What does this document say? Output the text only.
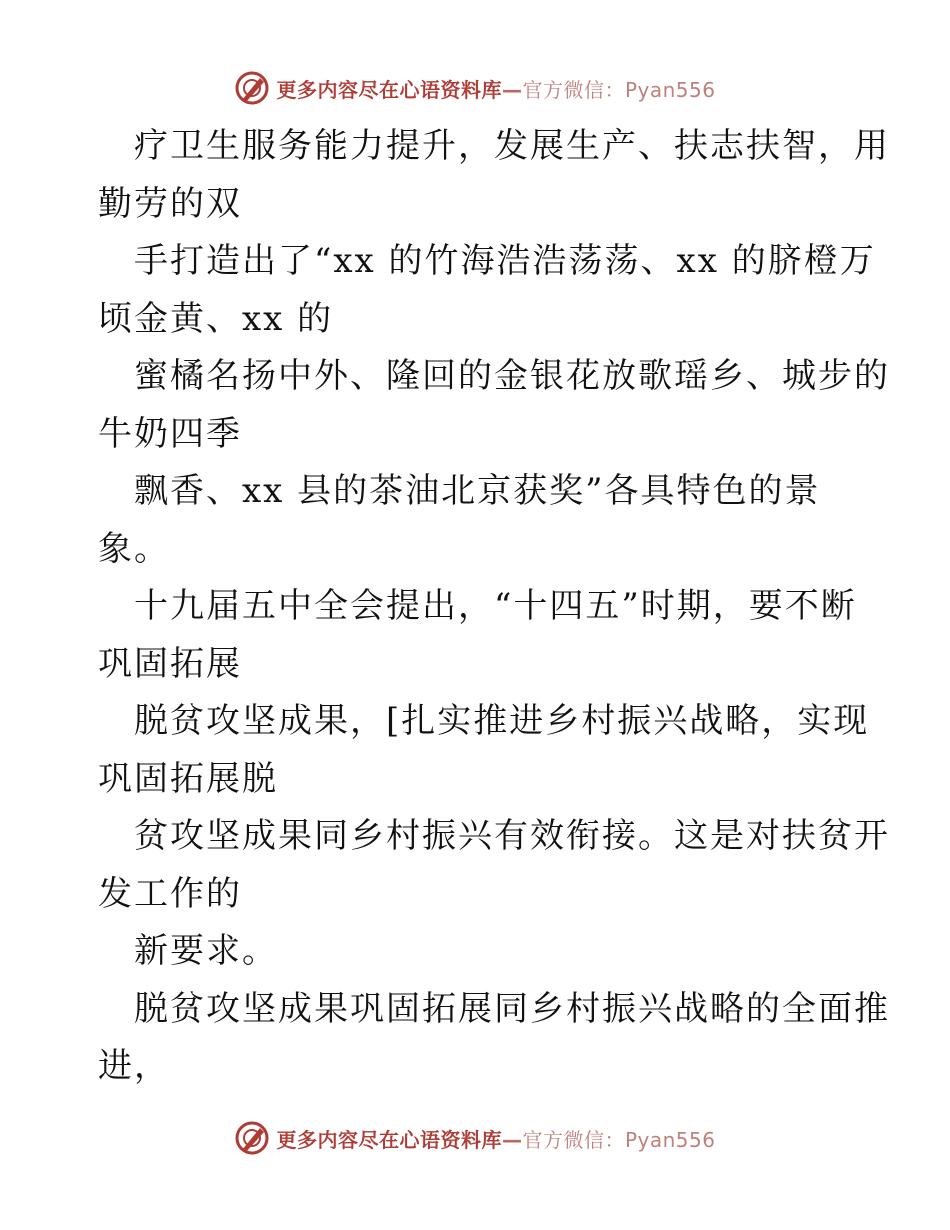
更多内容尽在心语资料库—官方微信：Pyan556
疗卫生服务能力提升，发展生产、扶志扶智，用
勤劳的双
手打造出了“xx 的竹海浩浩荡荡、xx 的脐橙万
顷金黄、xx 的
蜜橘名扬中外、隆回的金银花放歌瑶乡、城步的
牛奶四季
飘香、xx 县的茶油北京获奖”各具特色的景
象。
十九届五中全会提出，“十四五”时期，要不断
巩固拓展
脱贫攻坚成果，[扎实推进乡村振兴战略，实现
巩固拓展脱
贫攻坚成果同乡村振兴有效衔接。这是对扶贫开
发工作的
新要求。
脱贫攻坚成果巩固拓展同乡村振兴战略的全面推
进，
更多内容尽在心语资料库—官方微信：Pyan556
